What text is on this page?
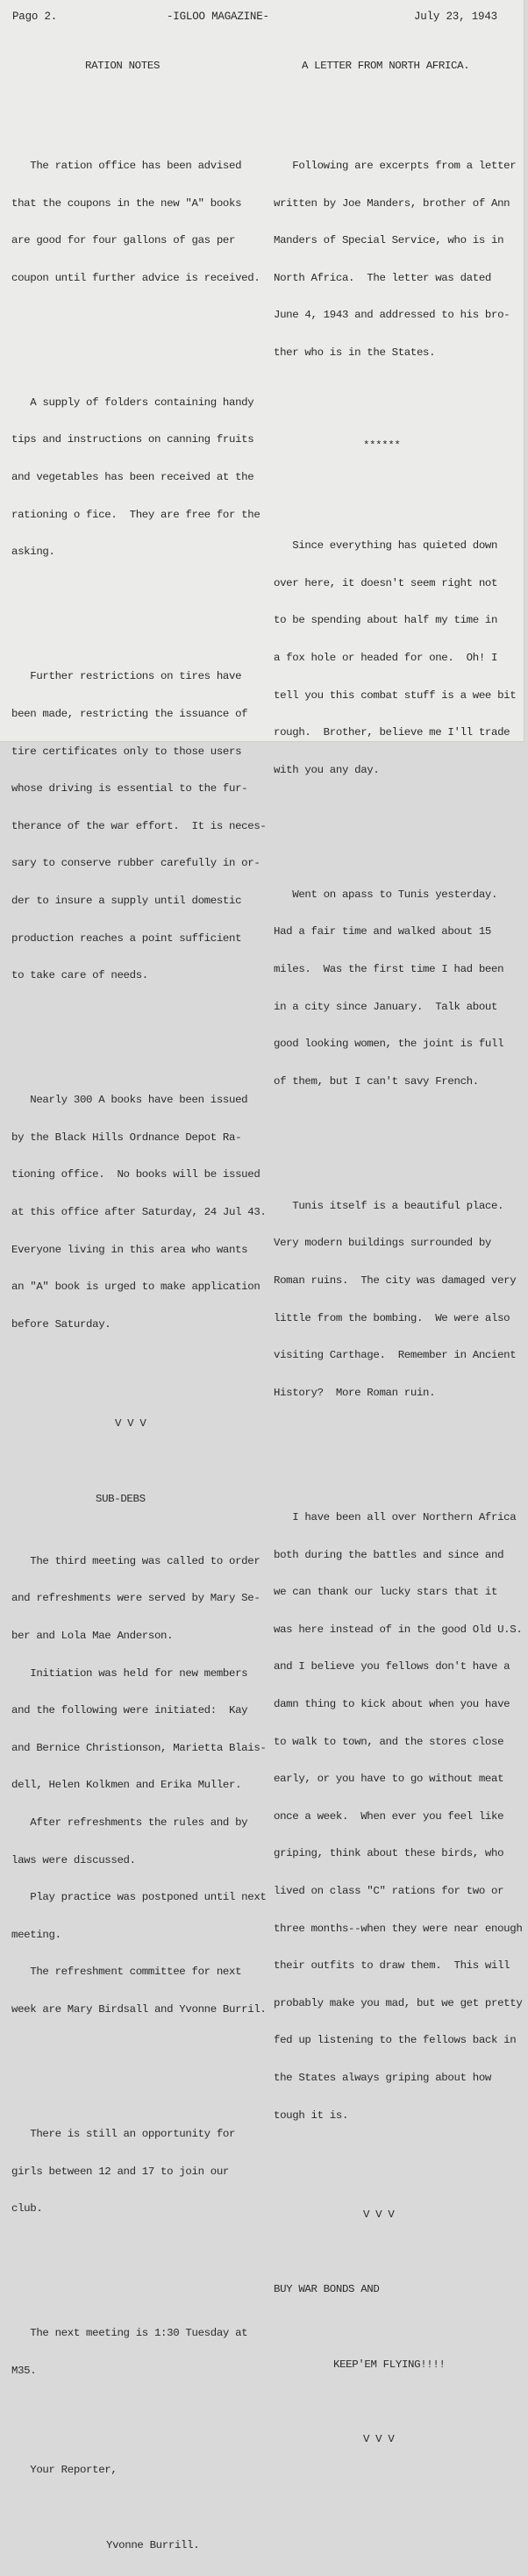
Pago 2.	-IGLOO MAGAZINE-	July 23, 1943

RATION NOTES

The ration office has been advised

that the coupons in the new "A" books

are good for four gallons of gas per

coupon until further advice is received.

A supply of folders containing handy

tips and instructions on canning fruits

and vegetables has been received at the

rationing o fice.  They are free for the

asking.

Further restrictions on tires have

been made, restricting the issuance of

tire certificates only to those users

whose driving is essential to the fur-

therance of the war effort.  It is neces-

sary to conserve rubber carefully in or-

der to insure a supply until domestic

production reaches a point sufficient

to take care of needs.

Nearly 300 A books have been issued

by the Black Hills Ordnance Depot Ra-

tioning office.  No books will be issued

at this office after Saturday, 24 Jul 43.

Everyone living in this area who wants

an "A" book is urged to make application

before Saturday.

V V V

SUB-DEBS

The third meeting was called to order

and refreshments were served by Mary Se-

ber and Lola Mae Anderson.

Initiation was held for new members

and the following were initiated:  Kay

and Bernice Christionson, Marietta Blais-

dell, Helen Kolkmen and Erika Muller.

After refreshments the rules and by

laws were discussed.

Play practice was postponed until next

meeting.

The refreshment committee for next

week are Mary Birdsall and Yvonne Burril.

There is still an opportunity for

girls between 12 and 17 to join our

club.

The next meeting is 1:30 Tuesday at

M35.

Your Reporter,

Yvonne Burrill.

A LETTER FROM NORTH AFRICA.

Following are excerpts from a letter

written by Joe Manders, brother of Ann

Manders of Special Service, who is in

North Africa.  The letter was dated

June 4, 1943 and addressed to his bro-

ther who is in the States.

******

Since everything has quieted down

over here, it doesn't seem right not

to be spending about half my time in

a fox hole or headed for one.  Oh! I

tell you this combat stuff is a wee bit

rough.  Brother, believe me I'll trade

with you any day.

Went on apass to Tunis yesterday.

Had a fair time and walked about 15

miles.  Was the first time I had been

in a city since January.  Talk about

good looking women, the joint is full

of them, but I can't savy French.

Tunis itself is a beautiful place.

Very modern buildings surrounded by

Roman ruins.  The city was damaged very

little from the bombing.  We were also

visiting Carthage.  Remember in Ancient

History?  More Roman ruin.

I have been all over Northern Africa

both during the battles and since and

we can thank our lucky stars that it

was here instead of in the good Old U.S.

and I believe you fellows don't have a

damn thing to kick about when you have

to walk to town, and the stores close

early, or you have to go without meat

once a week.  When ever you feel like

griping, think about these birds, who

lived on class "C" rations for two or

three months--when they were near enough

their outfits to draw them.  This will

probably make you mad, but we get pretty

fed up listening to the fellows back in

the States always griping about how

tough it is.

V V V

BUY WAR BONDS AND

KEEP'EM FLYING!!!!

V V V
